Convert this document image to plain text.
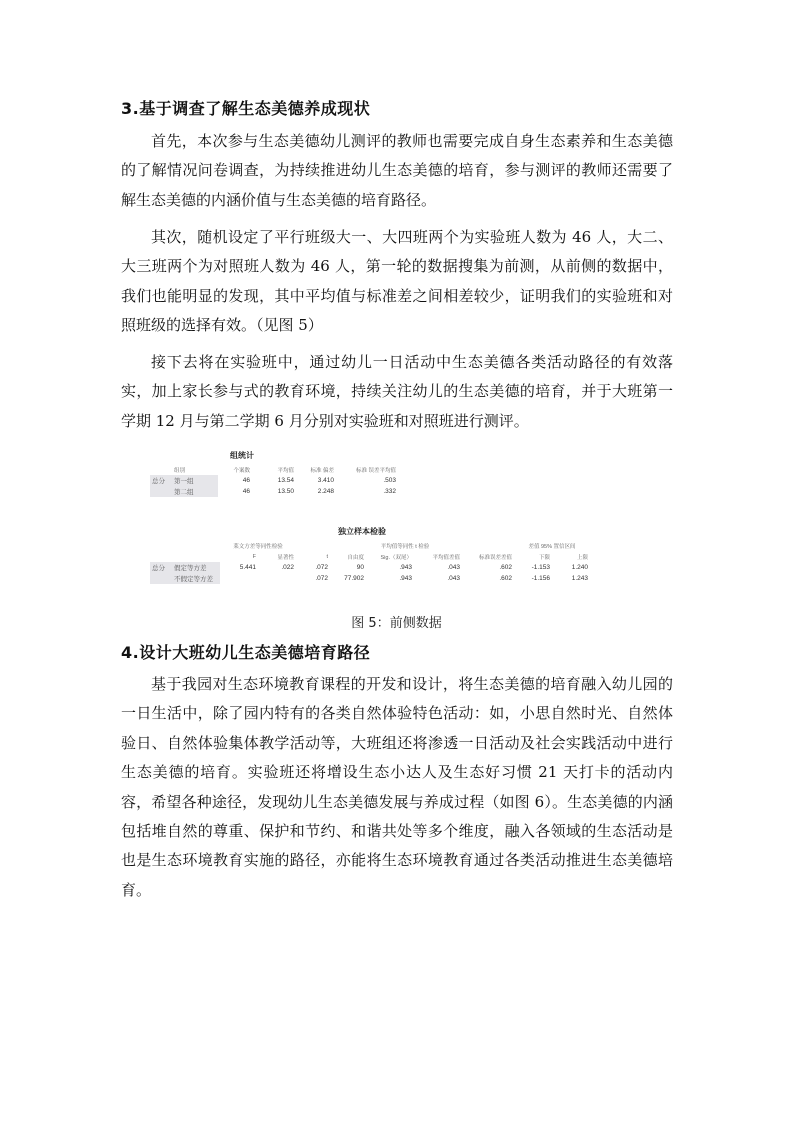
3.基于调查了解生态美德养成现状

首先，本次参与生态美德幼儿测评的教师也需要完成自身生态素养和生态美德的了解情况问卷调查，为持续推进幼儿生态美德的培育，参与测评的教师还需要了解生态美德的内涵价值与生态美德的培育路径。

其次，随机设定了平行班级大一、大四班两个为实验班人数为 46 人，大二、大三班两个为对照班人数为 46 人，第一轮的数据搜集为前测，从前侧的数据中，我们也能明显的发现，其中平均值与标准差之间相差较少，证明我们的实验班和对照班级的选择有效。（见图 5）

接下去将在实验班中，通过幼儿一日活动中生态美德各类活动路径的有效落实，加上家长参与式的教育环境，持续关注幼儿的生态美德的培育，并于大班第一学期 12 月与第二学期 6 月分别对实验班和对照班进行测评。

组统计
	组别	个案数	平均值	标准 偏差	标准 误差平均值
总分	第一组	46	13.54	3.410	.503
	第二组	46	13.50	2.248	.332
独立样本检验
		莱文方差等同性检验		平均值等同性 t 检验					差值 95% 置信区间	
		F	显著性	t	自由度	Sig.（双尾）	平均值差值	标准误差差值	下限	上限
总分	假定等方差	5.441	.022	.072	90	.943	.043	.602	-1.153	1.240
	不假定等方差			.072	77.902	.943	.043	.602	-1.156	1.243
图 5：前侧数据
4.设计大班幼儿生态美德培育路径

基于我园对生态环境教育课程的开发和设计，将生态美德的培育融入幼儿园的一日生活中，除了园内特有的各类自然体验特色活动：如，小思自然时光、自然体验日、自然体验集体教学活动等，大班组还将渗透一日活动及社会实践活动中进行生态美德的培育。实验班还将增设生态小达人及生态好习惯 21 天打卡的活动内容，希望各种途径，发现幼儿生态美德发展与养成过程（如图 6）。生态美德的内涵包括堆自然的尊重、保护和节约、和谐共处等多个维度，融入各领域的生态活动是也是生态环境教育实施的路径，亦能将生态环境教育通过各类活动推进生态美德培育。
